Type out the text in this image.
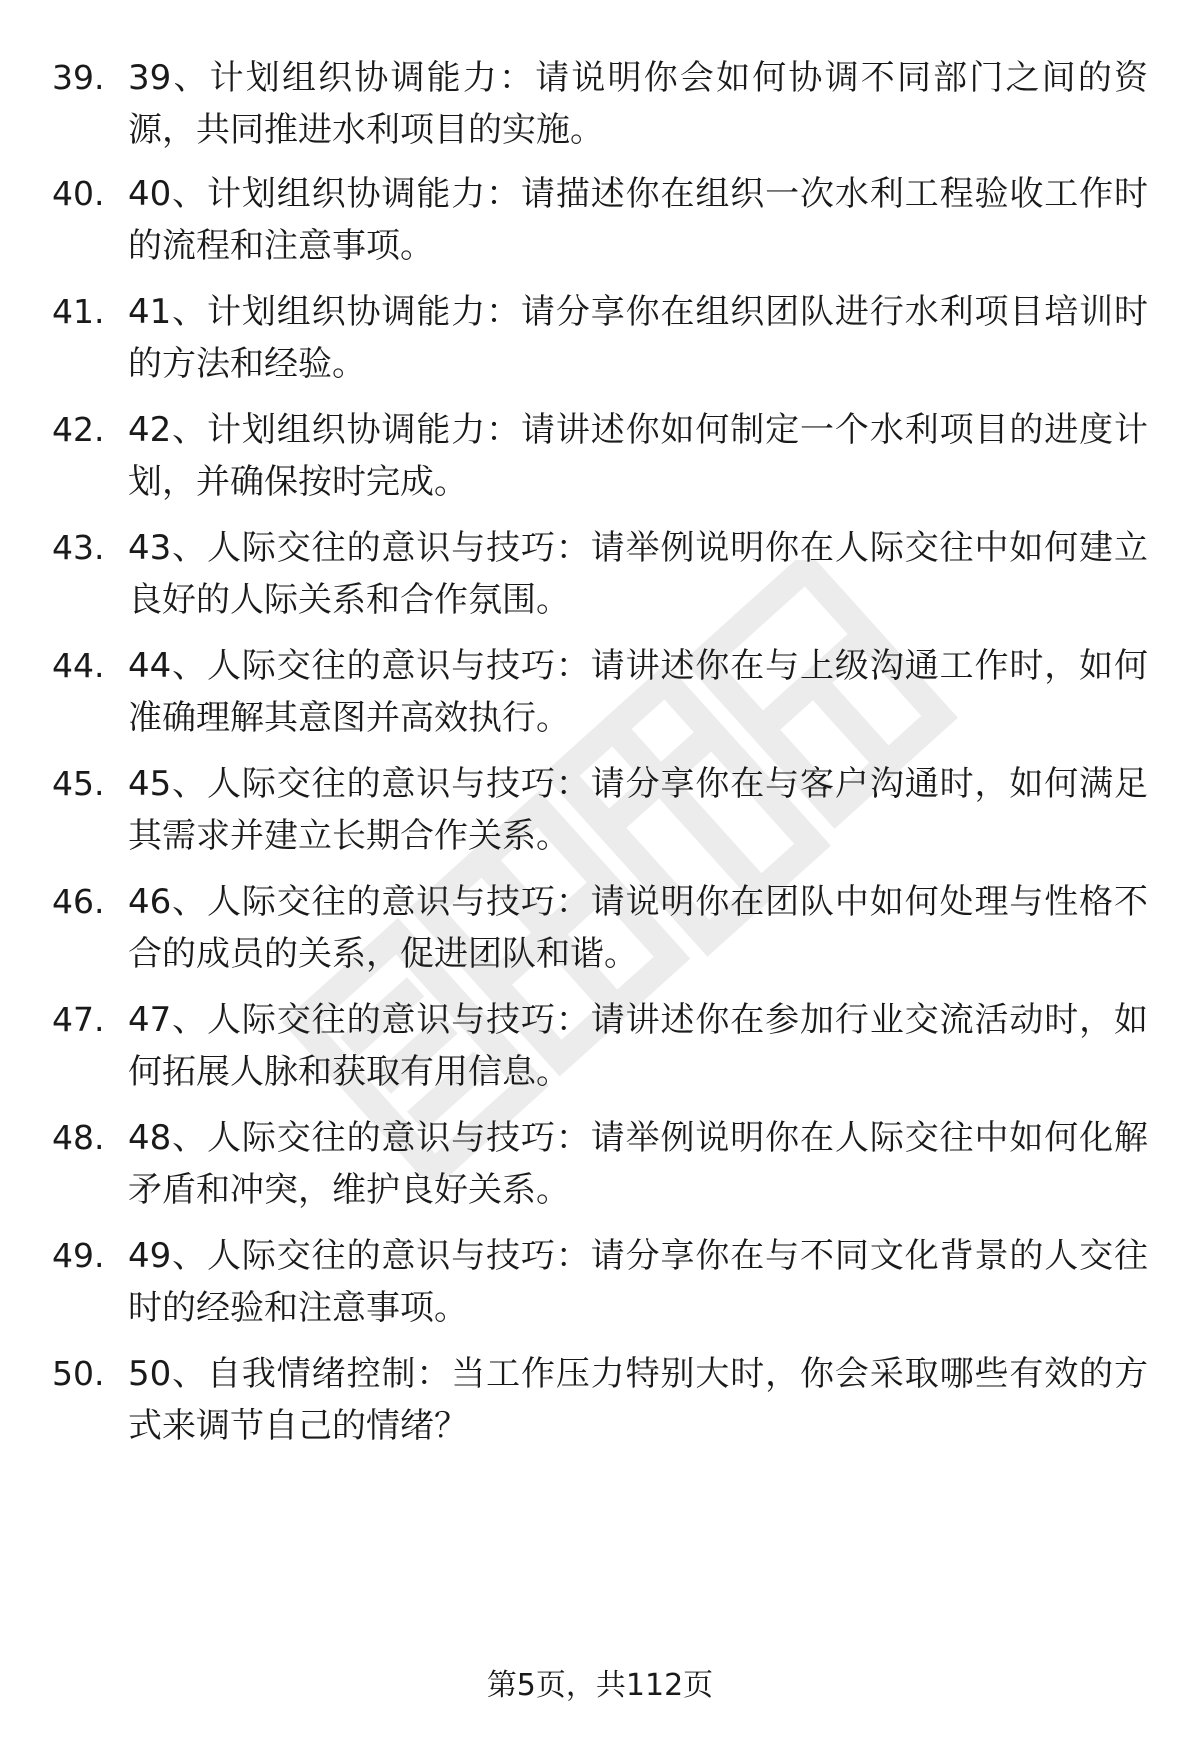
39. 39、计划组织协调能力：请说明你会如何协调不同部门之间的资源，共同推进水利项目的实施。
40. 40、计划组织协调能力：请描述你在组织一次水利工程验收工作时的流程和注意事项。
41. 41、计划组织协调能力：请分享你在组织团队进行水利项目培训时的方法和经验。
42. 42、计划组织协调能力：请讲述你如何制定一个水利项目的进度计划，并确保按时完成。
43. 43、人际交往的意识与技巧：请举例说明你在人际交往中如何建立良好的人际关系和合作氛围。
44. 44、人际交往的意识与技巧：请讲述你在与上级沟通工作时，如何准确理解其意图并高效执行。
45. 45、人际交往的意识与技巧：请分享你在与客户沟通时，如何满足其需求并建立长期合作关系。
46. 46、人际交往的意识与技巧：请说明你在团队中如何处理与性格不合的成员的关系，促进团队和谐。
47. 47、人际交往的意识与技巧：请讲述你在参加行业交流活动时，如何拓展人脉和获取有用信息。
48. 48、人际交往的意识与技巧：请举例说明你在人际交往中如何化解矛盾和冲突，维护良好关系。
49. 49、人际交往的意识与技巧：请分享你在与不同文化背景的人交往时的经验和注意事项。
50. 50、自我情绪控制：当工作压力特别大时，你会采取哪些有效的方式来调节自己的情绪？
第5页，共112页
